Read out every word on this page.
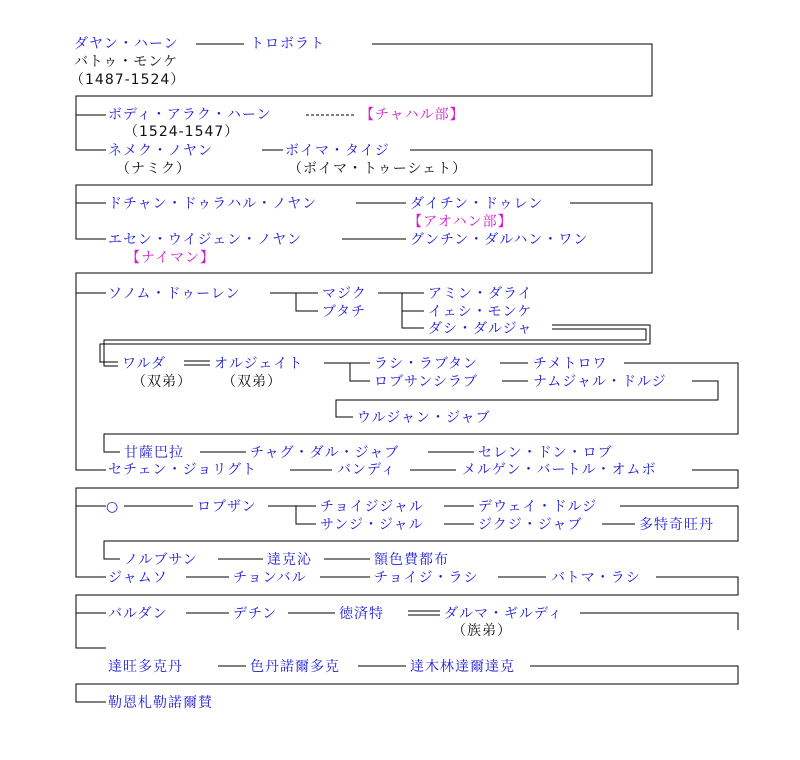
ダヤン・ハーン	トロボラト
バトゥ・モンケ
（1487-1524）
ボディ・アラク・ハーン	【チャハル部】
（1524-1547）
ネメク・ノヤン	ボイマ・タイジ
（ナミク）	（ボイマ・トゥーシェト）
ドチャン・ドゥラハル・ノヤン	ダイチン・ドゥレン
【アオハン部】
エセン・ウイジェン・ノヤン	グンチン・ダルハン・ワン
【ナイマン】
ソノム・ドゥーレン	マジク	アミン・ダライ
ブタチ	イェシ・モンケ
ダシ・ダルジャ
ワルダ	オルジェイト	ラシ・ラブタン	チメトロワ
（双弟） （双弟）	ロブサンシラブ	ナムジャル・ドルジ
ウルジャン・ジャブ
甘薩巴拉	チャグ・ダル・ジャブ	セレン・ドン・ロブ
セチェン・ジョリグト	バンディ	メルゲン・バートル・オムボ
○	ロブザン	チョイジジャル	デウェイ・ドルジ
サンジ・ジャル	ジクジ・ジャブ	多特奇旺丹
ノルブサン	達克沁	額色費都布
ジャムソ	チョンバル	チョイジ・ラシ	バトマ・ラシ
バルダン	デチン	徳済特	ダルマ・ギルディ
（族弟）
達旺多克丹	色丹諾爾多克	達木林達爾達克
勒恩札勒諾爾賛
